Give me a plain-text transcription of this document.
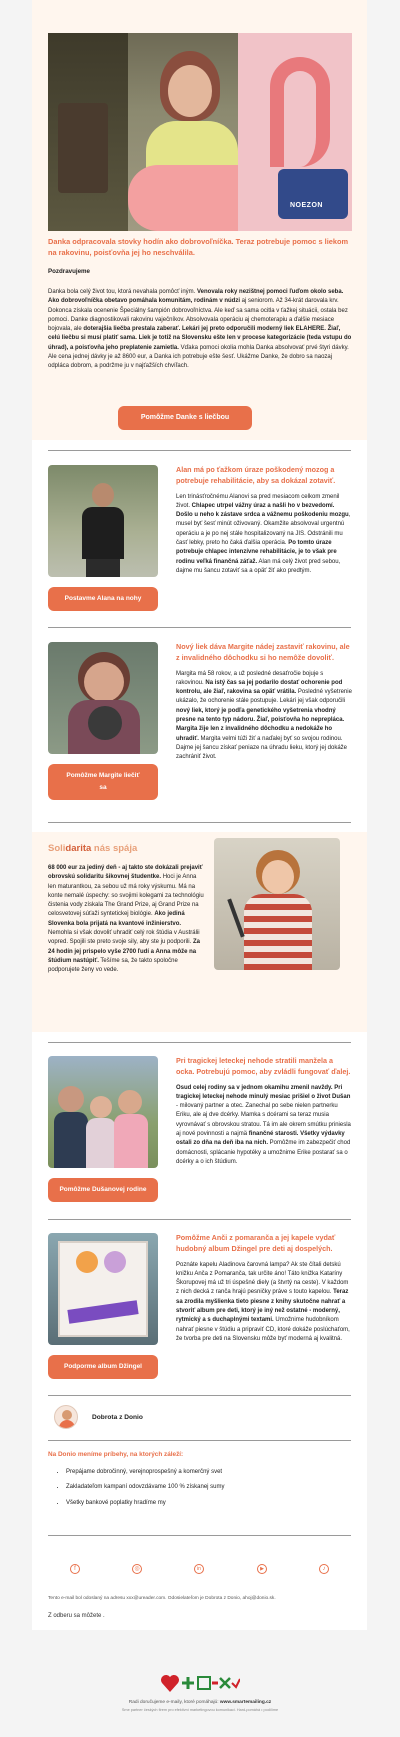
NOEZON
Danka odpracovala stovky hodín ako dobrovoľníčka. Teraz potrebuje pomoc s liekom na rakovinu, poisťovňa jej ho neschválila.
Pozdravujeme

Danka bola celý život tou, ktorá nevahala pomôcť iným. Venovala roky nezištnej pomoci ľuďom okolo seba. Ako dobrovoľníčka obetavo pomáhala komunitám, rodinám v núdzi aj seniorom. Až 34-krát darovala krv. Dokonca získala ocenenie Špeciálny šampión dobrovoľníctva. Ale keď sa sama ocitla v ťažkej situácii, ostala bez pomoci. Danke diagnostikovali rakovinu vaječníkov. Absolvovala operáciu aj chemoterapiu a ďalšie mesiace bojovala, ale doterajšia liečba prestala zaberať. Lekári jej preto odporučili moderný liek ELAHERE. Žiaľ, celú liečbu si musí platiť sama. Liek je totiž na Slovensku ešte len v procese kategorizácie (teda vstupu do úhrad), a poisťovňa jeho preplatenie zamietla. Vďaka pomoci okolia mohla Danka absolvovať prvé štyri dávky. Ale cena jednej dávky je až 8600 eur, a Danka ich potrebuje ešte šesť. Ukážme Danke, že dobro sa naozaj odpláca dobrom, a podržme ju v najťažších chvíľach.

Pomôžme Danke s liečbou
Postavme Alana na nohy
Alan má po ťažkom úraze poškodený mozog a potrebuje rehabilitácie, aby sa dokázal zotaviť.

Len trinásťročnému Alanovi sa pred mesiacom celkom zmenil život. Chlapec utrpel vážny úraz a našli ho v bezvedomí. Došlo u neho k zástave srdca a vážnemu poškodeniu mozgu, musel byť šesť minút oživovaný. Okamžite absolvoval urgentnú operáciu a je po nej stále hospitalizovaný na JIS. Odstránili mu časť lebky, preto ho čaká ďalšia operácia. Po tomto úraze potrebuje chlapec intenzívne rehabilitácie, je to však pre rodinu veľká finančná záťaž. Alan má celý život pred sebou, dajme mu šancu zotaviť sa a opäť žiť ako predtým.

Pomôžme Margite liečiť sa
Nový liek dáva Margite nádej zastaviť rakovinu, ale z invalidného dôchodku si ho nemôže dovoliť.

Margita má 58 rokov, a už posledné desaťročie bojuje s rakovinou. Na istý čas sa jej podarilo dostať ochorenie pod kontrolu, ale žiaľ, rakovina sa opäť vrátila. Posledné vyšetrenie ukázalo, že ochorenie stále postupuje. Lekári jej však odporučili nový liek, ktorý je podľa genetického vyšetrenia vhodný presne na tento typ nádoru. Žiaľ, poisťovňa ho neprepláca. Margita žije len z invalidného dôchodku a nedokáže ho uhradiť. Margita velmi túži žiť a naďalej byť so svojou rodinou. Dajme jej šancu získať peniaze na úhradu lieku, ktorý jej dokáže zachrániť život.

Solidarita nás spája

68 000 eur za jediný deň - aj takto ste dokázali prejaviť obrovskú solidaritu šikovnej študentke. Hoci je Anna len maturantkou, za sebou už má roky výskumu. Má na konte nemalé úspechy: so svojimi kolegami za technológiu čistenia vody získala The Grand Prize, aj Grand Prize na celosvetovej súťaži syntetickej biológie. Ako jediná Slovenka bola prijatá na kvantové inžinierstvo. Nemohla si však dovoliť uhradiť celý rok štúdia v Austrálii vopred. Spojili ste preto svoje sily, aby ste ju podporili. Za 24 hodín jej prispelo vyše 2700 ľudí a Anna môže na štúdium nastúpiť. Tešíme sa, že takto spoločne podporujete ženy vo vede.

Pomôžme Dušanovej rodine
Pri tragickej leteckej nehode stratili manžela a ocka. Potrebujú pomoc, aby zvládli fungovať ďalej.

Osud celej rodiny sa v jednom okamihu zmenil navždy. Pri tragickej leteckej nehode minulý mesiac prišiel o život Dušan - milovaný partner a otec. Zanechal po sebe nielen partnerku Eriku, ale aj dve dcérky. Mamka s dcérami sa teraz musia vyrovnávať s obrovskou stratou. Tá im ale okrem smútku priniesla aj nové povinnosti a najmä finančné starosti. Všetky výdavky ostali zo dňa na deň iba na nich. Pomôžme im zabezpečiť chod domácnosti, splácanie hypotéky a umožnime Erike postarať sa o dcérky a o ich štúdium.

Podporme album Džingel
Pomôžme Anči z pomaranča a jej kapele vydať hudobný album Džingel pre deti aj dospelých.

Poznáte kapelu Aladinova čarovná lampa? Ak ste čítali detskú knižku Anča z Pomaranča, tak určite áno! Táto knižka Kataríny Škorupovej má už tri úspešné diely (a štvrtý na ceste). V každom z nich decká z ranča hrajú pesničky práve s touto kapelou. Teraz sa zrodila myšlienka tieto piesne z knihy skutočne nahrať a stvoriť album pre deti, ktorý je iný než ostatné - moderný, rytmický a s duchaplnými textami. Umožnime hudobníkom nahrať piesne v štúdiu a pripraviť CD, ktoré dokáže poslúchaťom, že tvorba pre deti na Slovensku môže byť moderná aj kvalitná.

Dobrota z Donio
Na Donio meníme príbehy, na ktorých záleží:
• Prepájame dobročinný, verejnoprospešný a komerčný svet
• Zakladateľom kampaní odovzdávame 100 % získanej sumy
• Všetky bankové poplatky hradíme my
f	◎	in	▶	♪
Tento e-mail bol odoslaný na adresu xxx@ureader.com. Odosielateľom je Dobrota z Donio, ahoj@donio.sk.
Z odberu sa môžete .
Radi doručujeme e-maily, ktoré pomáhajú: www.smartemailing.cz
Sme partner českých firem pro efektivní marketingovou komunikaci. Hard-pomáhá • podílíme
